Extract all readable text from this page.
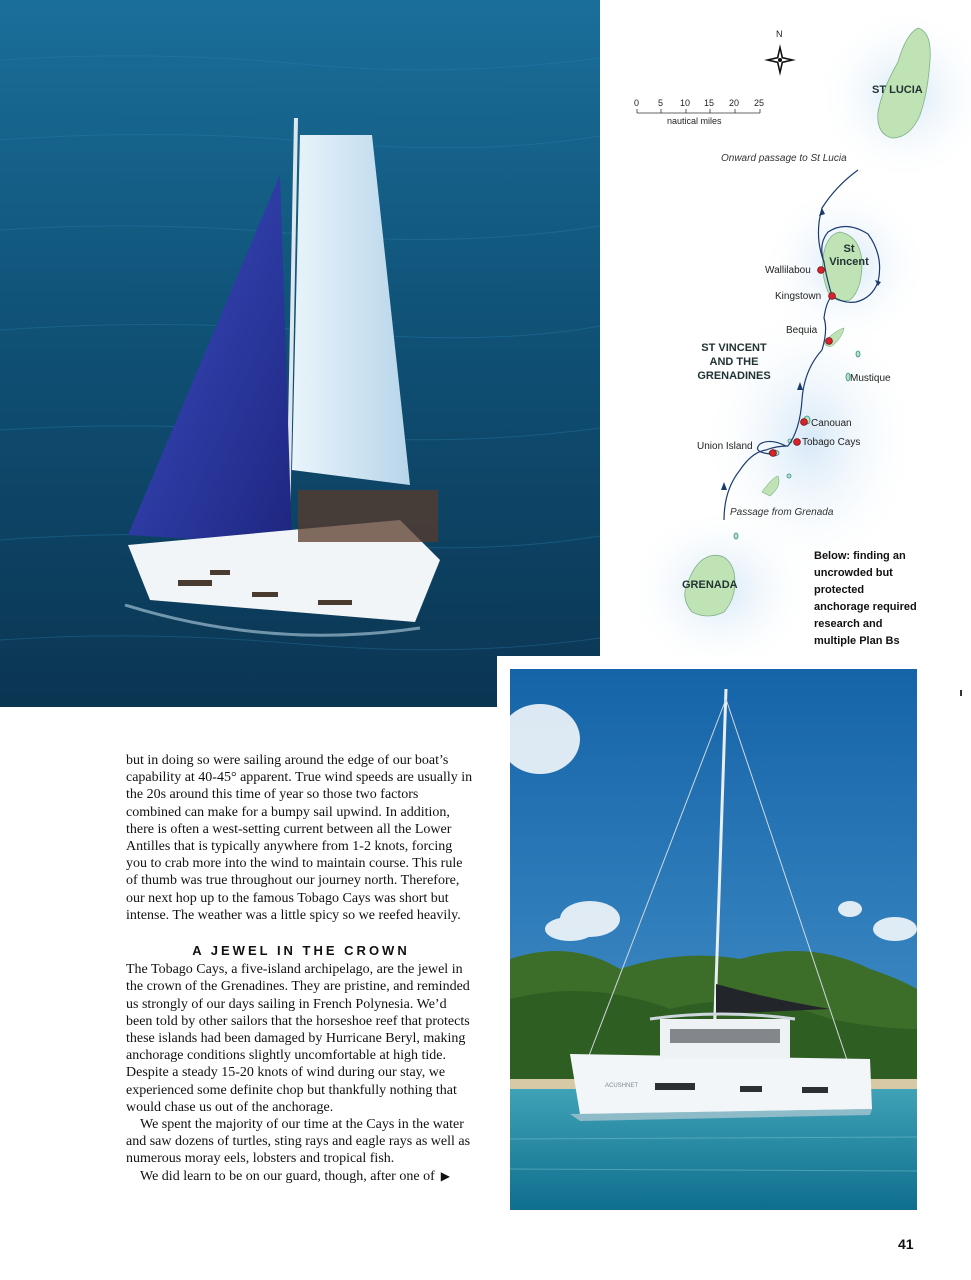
N
0 5 10 15 20 25
nautical miles
ST LUCIA
Onward passage to St Lucia
St
Vincent
Wallilabou
Kingstown
Bequia
ST VINCENT
AND THE
GRENADINES	Mustique
Canouan
Tobago Cays
Union Island
Passage from Grenada
GRENADA
Below: finding an
uncrowded but
protected
anchorage required
research and
multiple Plan Bs
ACUSHNET

but in doing so were sailing around the edge of our boat’s capability at 40-45° apparent. True wind speeds are usually in the 20s around this time of year so those two factors combined can make for a bumpy sail upwind. In addition, there is often a west-setting current between all the Lower Antilles that is typically anywhere from 1-2 knots, forcing you to crab more into the wind to maintain course. This rule of thumb was true throughout our journey north. Therefore, our next hop up to the famous Tobago Cays was short but intense. The weather was a little spicy so we reefed heavily.

A JEWEL IN THE CROWN

The Tobago Cays, a five-island archipelago, are the jewel in the crown of the Grenadines. They are pristine, and reminded us strongly of our days sailing in French Polynesia. We’d been told by other sailors that the horseshoe reef that protects these islands had been damaged by Hurricane Beryl, making anchorage conditions slightly uncomfortable at high tide. Despite a steady 15-20 knots of wind during our stay, we experienced some definite chop but thankfully nothing that would chase us out of the anchorage.

We spent the majority of our time at the Cays in the water and saw dozens of turtles, sting rays and eagle rays as well as numerous moray eels, lobsters and tropical fish.

We did learn to be on our guard, though, after one of ▶

41
